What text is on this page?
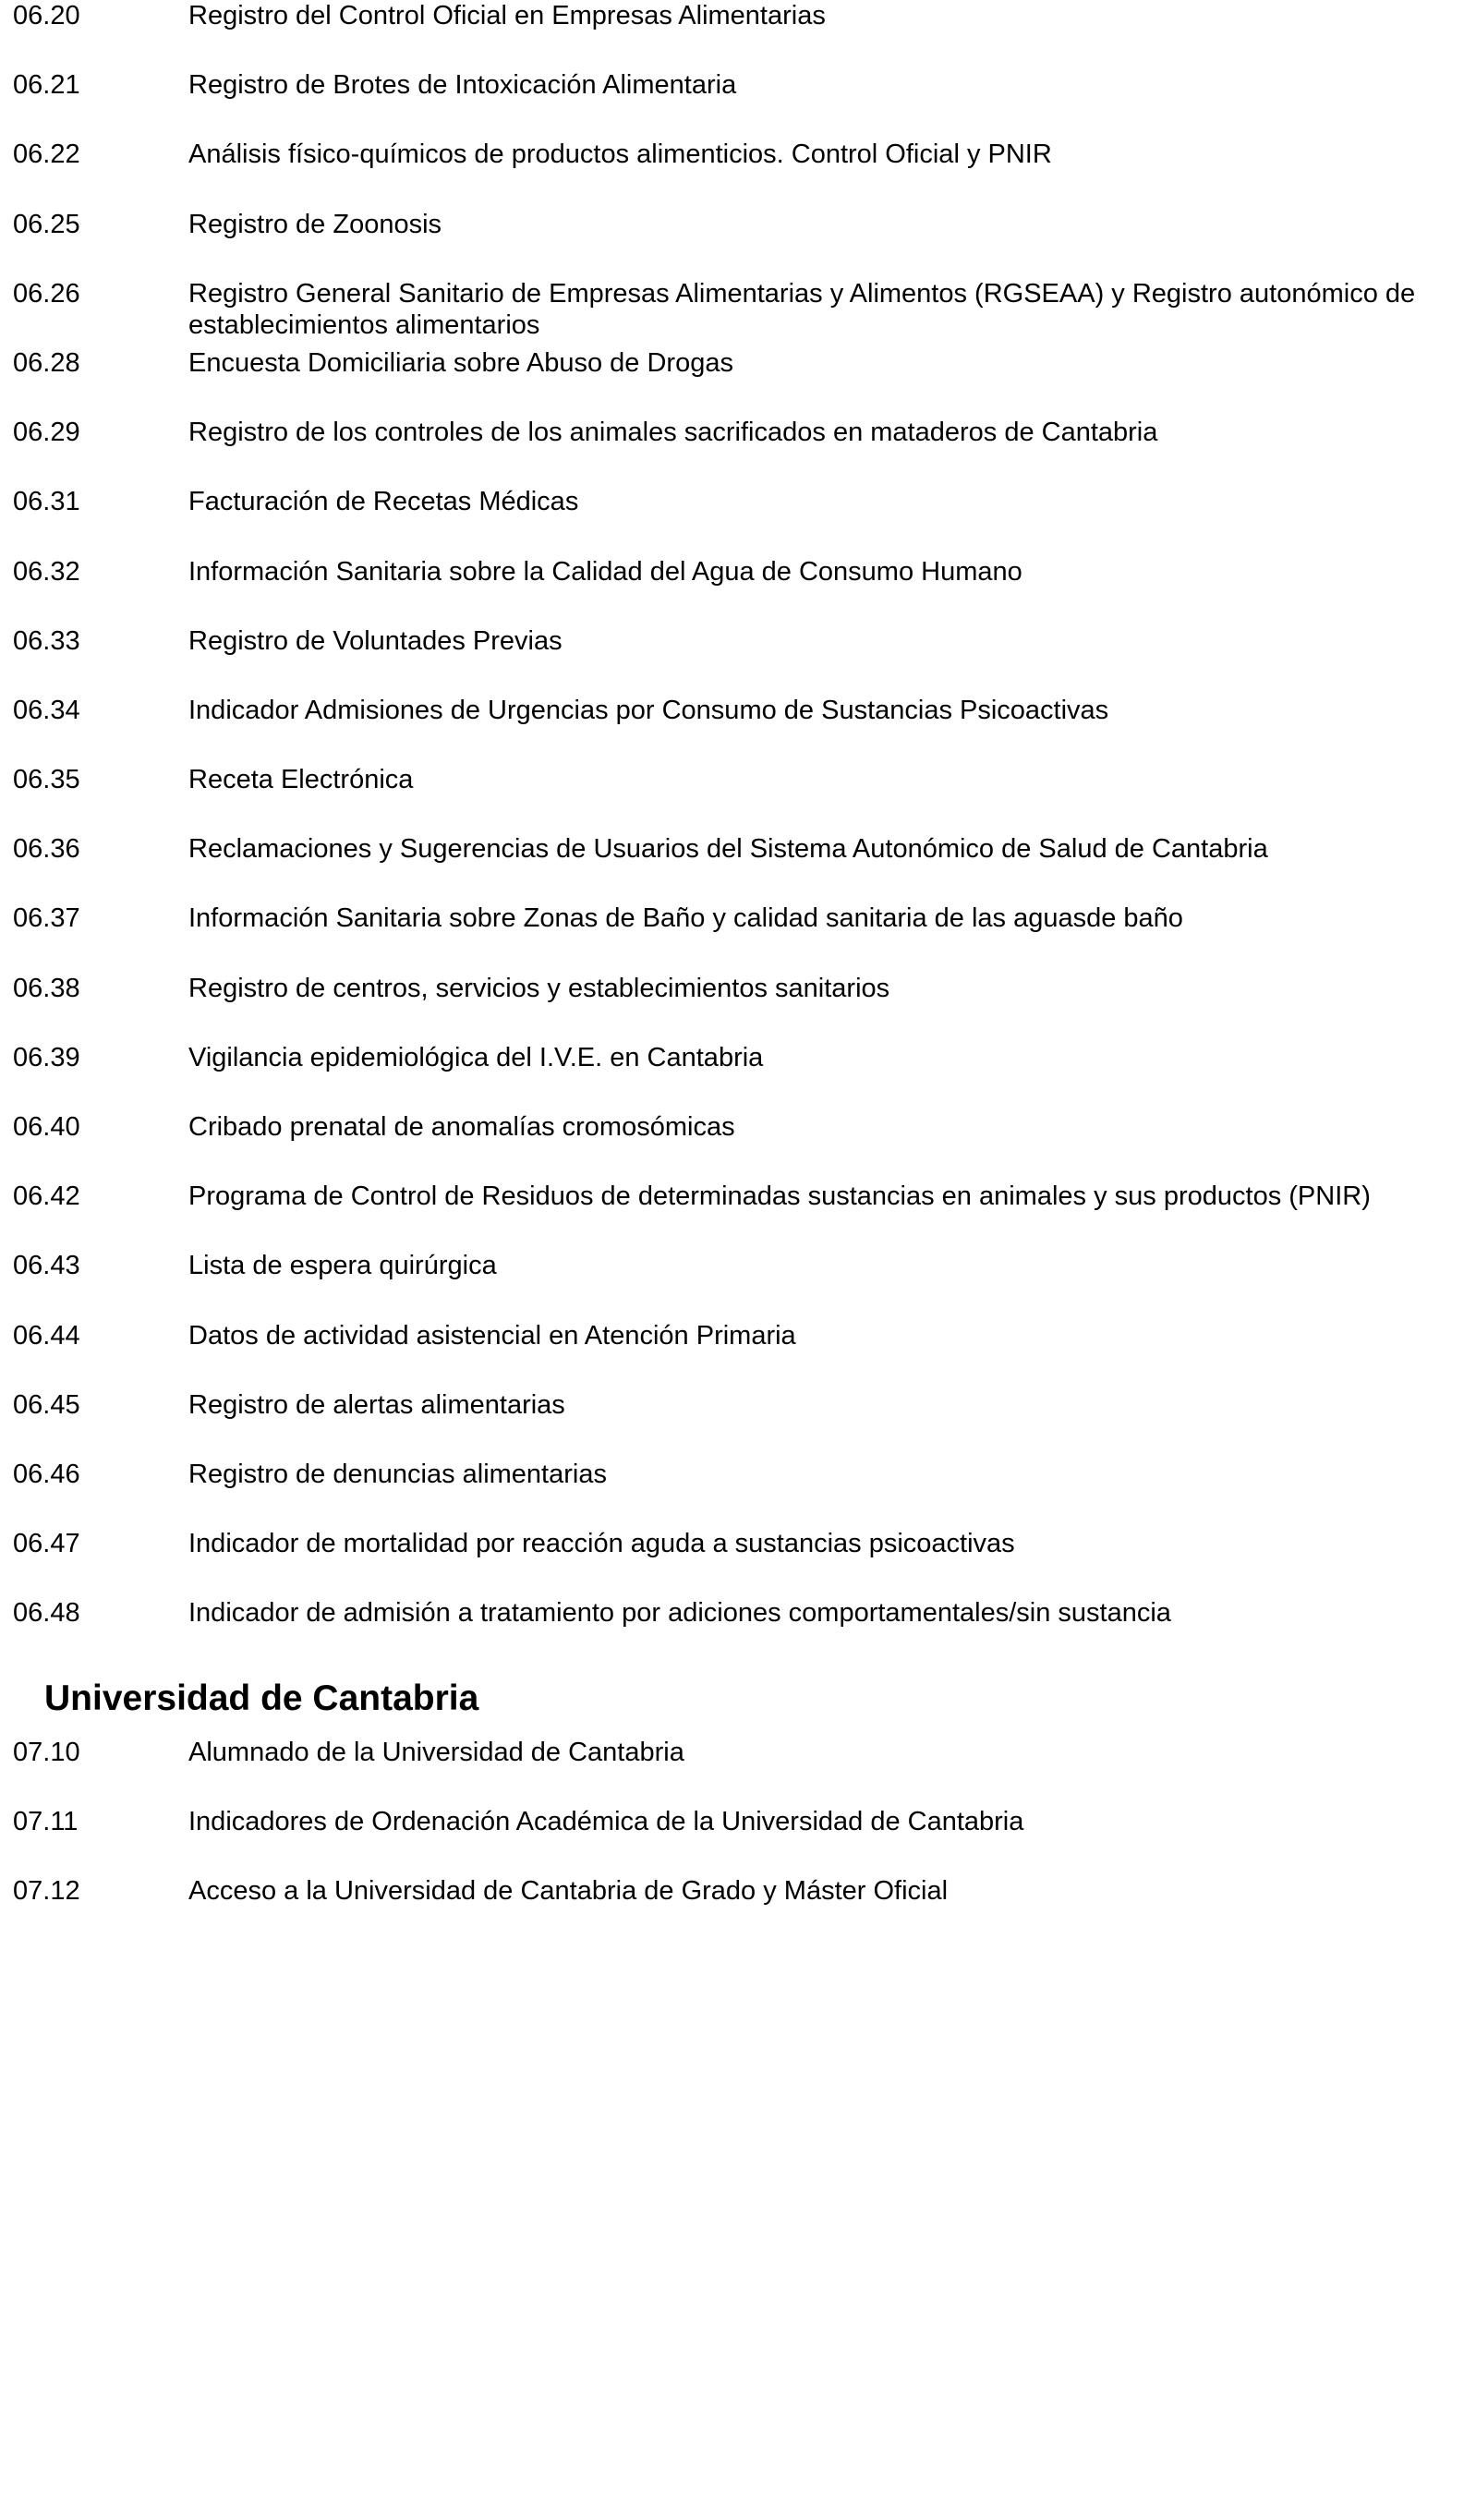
06.20	Registro del Control Oficial en Empresas Alimentarias
06.21	Registro de Brotes de Intoxicación Alimentaria
06.22	Análisis físico-químicos de productos alimenticios. Control Oficial y PNIR
06.25	Registro de Zoonosis
06.26	Registro General Sanitario de Empresas Alimentarias y Alimentos (RGSEAA) y Registro autonómico de establecimientos alimentarios
06.28	Encuesta Domiciliaria sobre Abuso de Drogas
06.29	Registro de los controles de los animales sacrificados en mataderos de Cantabria
06.31	Facturación de Recetas Médicas
06.32	Información Sanitaria sobre la Calidad del Agua de Consumo Humano
06.33	Registro de Voluntades Previas
06.34	Indicador Admisiones de Urgencias por Consumo de Sustancias Psicoactivas
06.35	Receta Electrónica
06.36	Reclamaciones y Sugerencias de Usuarios del Sistema Autonómico de Salud de Cantabria
06.37	Información Sanitaria sobre Zonas de Baño y calidad sanitaria de las aguasde baño
06.38	Registro de centros, servicios y establecimientos sanitarios
06.39	Vigilancia epidemiológica del I.V.E. en Cantabria
06.40	Cribado prenatal de anomalías cromosómicas
06.42	Programa de Control de Residuos de determinadas sustancias en animales y sus productos (PNIR)
06.43	Lista de espera quirúrgica
06.44	Datos de actividad asistencial en Atención Primaria
06.45	Registro de alertas alimentarias
06.46	Registro de denuncias alimentarias
06.47	Indicador de mortalidad por reacción aguda a sustancias psicoactivas
06.48	Indicador de admisión a tratamiento por adiciones comportamentales/sin sustancia
Universidad de Cantabria
07.10	Alumnado de la Universidad de Cantabria
07.11	Indicadores de Ordenación Académica de la Universidad de Cantabria
07.12	Acceso a la Universidad de Cantabria de Grado y Máster Oficial
